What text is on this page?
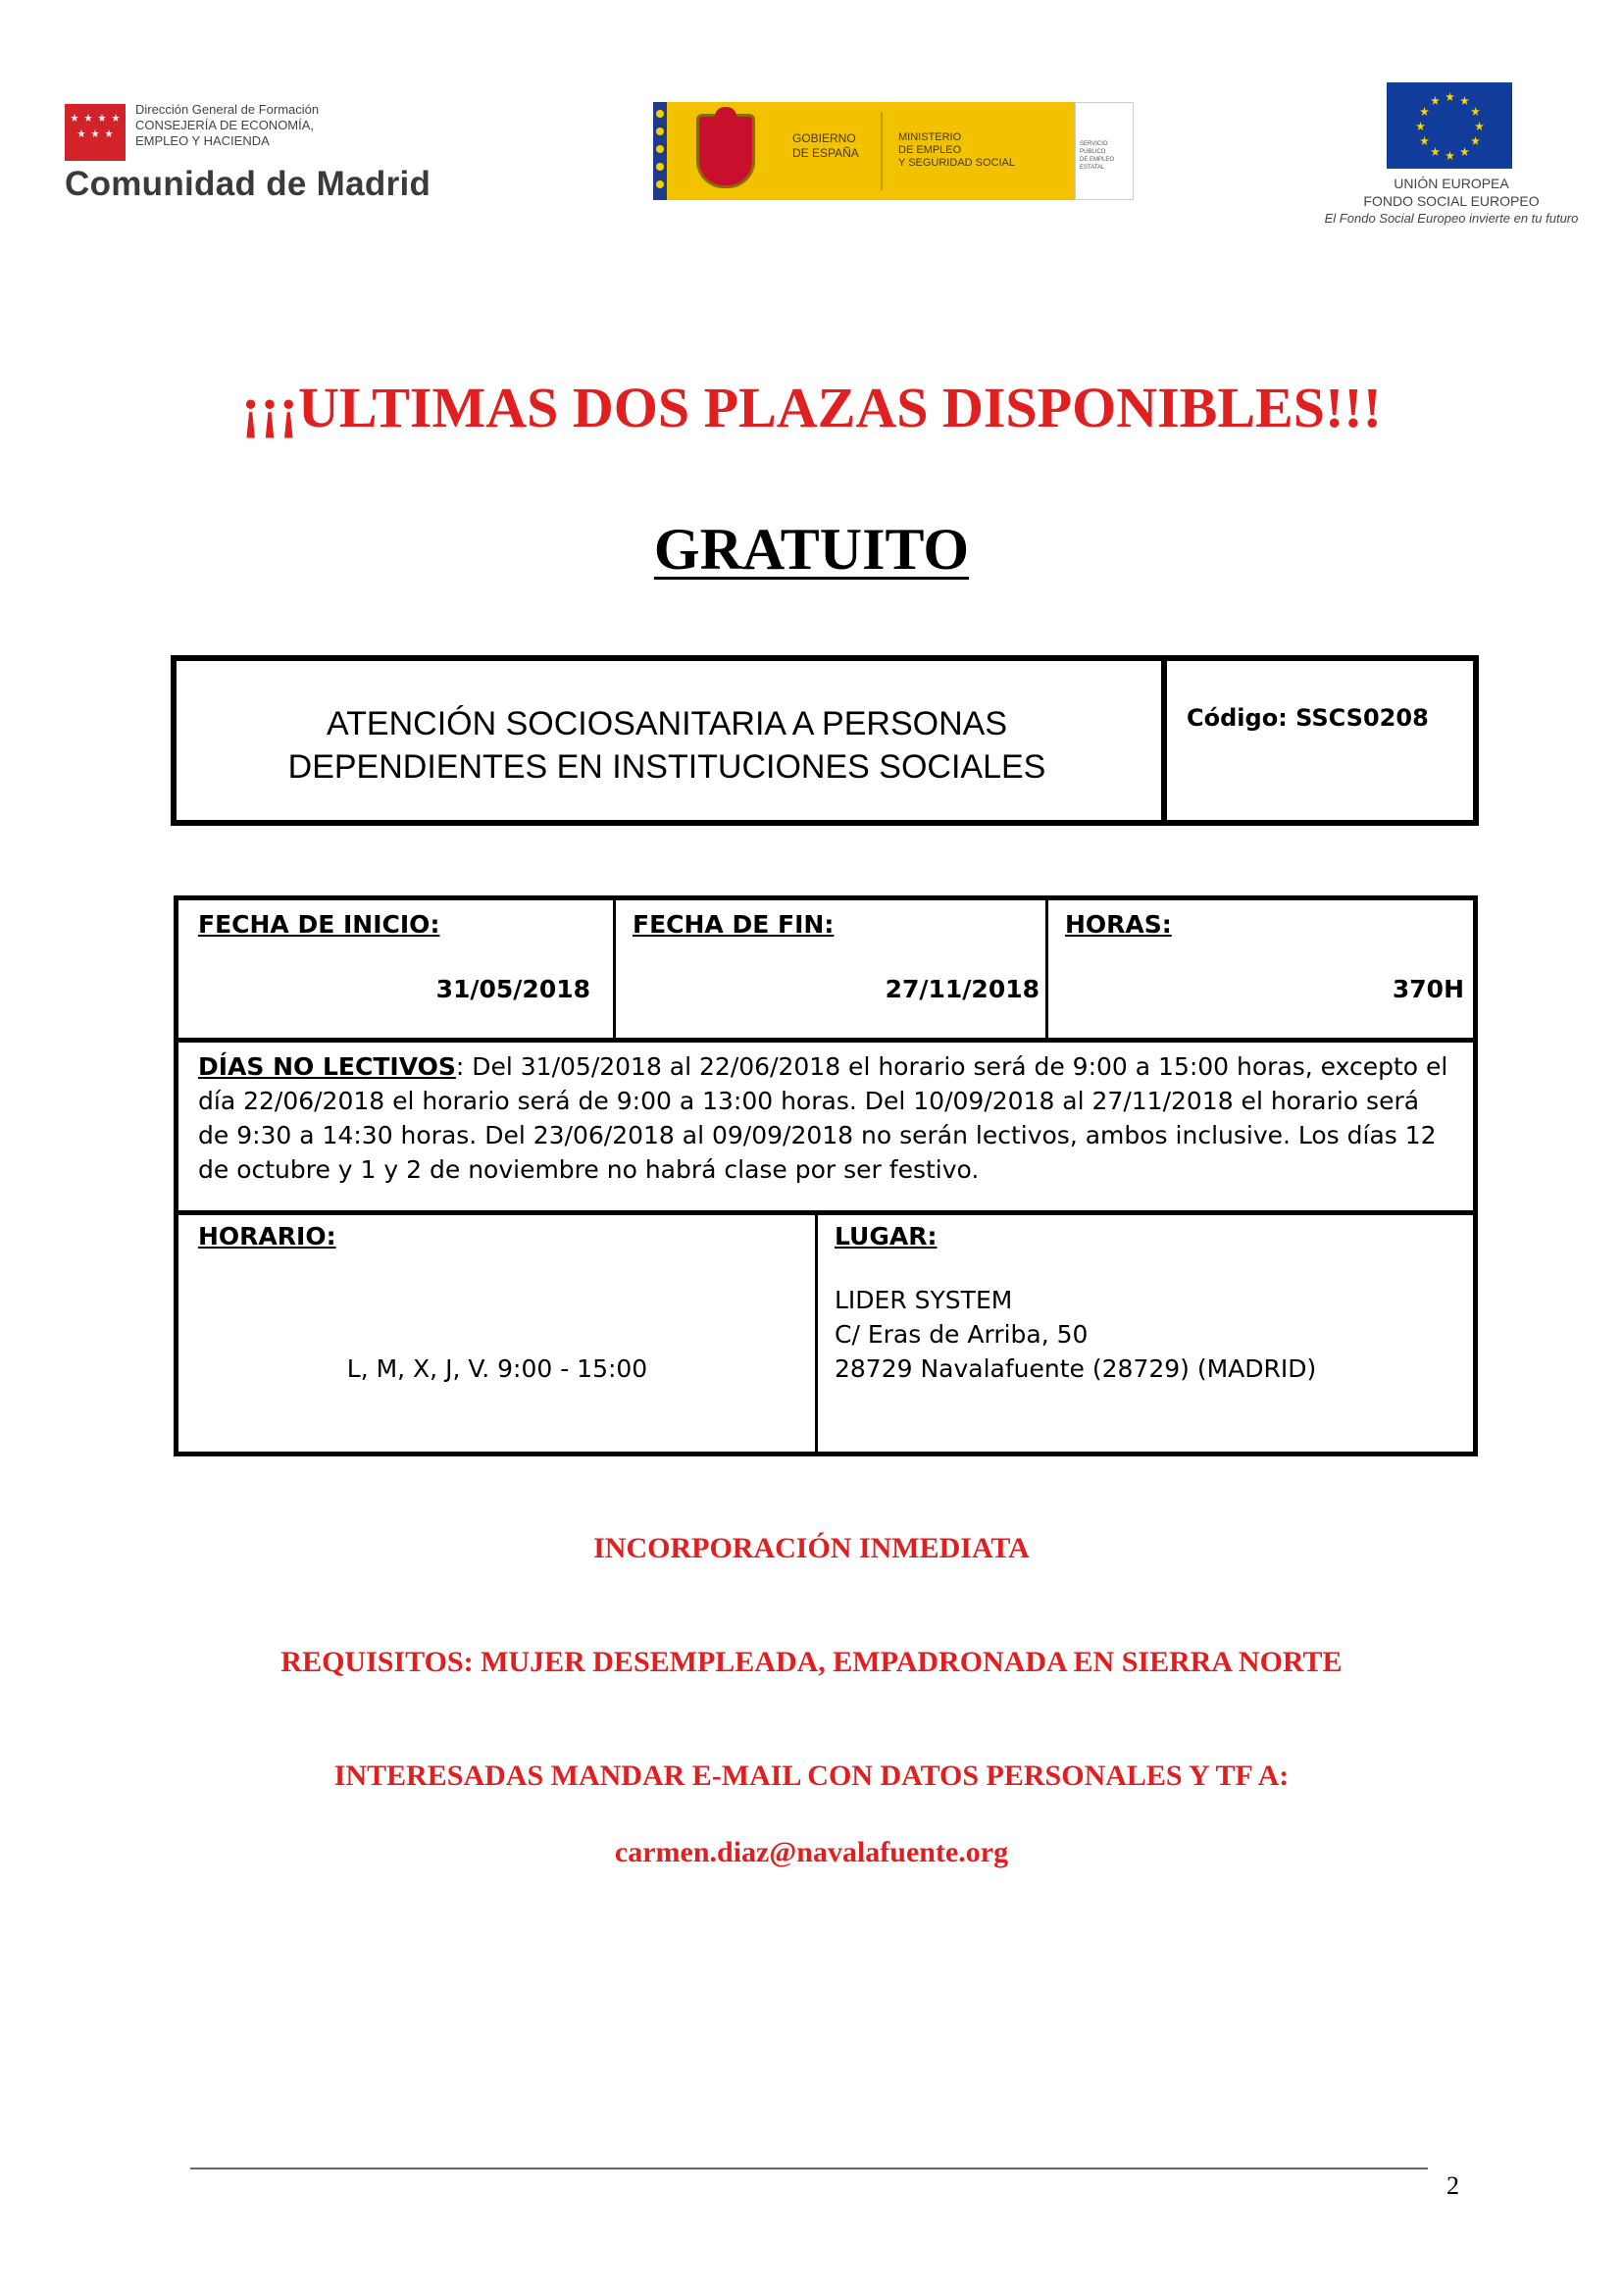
Dirección General de Formación
CONSEJERÍA DE ECONOMÍA,
EMPLEO Y HACIENDA
Comunidad de Madrid
GOBIERNO
DE ESPAÑA
MINISTERIO
DE EMPLEO
Y SEGURIDAD SOCIAL
SERVICIO PÚBLICO
DE EMPLEO ESTATAL
UNIÓN EUROPEA
FONDO SOCIAL EUROPEO
El Fondo Social Europeo invierte en tu futuro
¡¡¡ULTIMAS DOS PLAZAS DISPONIBLES!!!
GRATUITO
ATENCIÓN SOCIOSANITARIA A PERSONAS
DEPENDIENTES EN INSTITUCIONES SOCIALES
Código: SSCS0208
FECHA DE INICIO:
31/05/2018
FECHA DE FIN:
27/11/2018
HORAS:
370H
DÍAS NO LECTIVOS: Del 31/05/2018 al 22/06/2018 el horario será de 9:00 a 15:00 horas, excepto el día 22/06/2018 el horario será de 9:00 a 13:00 horas. Del 10/09/2018 al 27/11/2018 el horario será de 9:30 a 14:30 horas. Del 23/06/2018 al 09/09/2018 no serán lectivos, ambos inclusive. Los días 12 de octubre y 1 y 2 de noviembre no habrá clase por ser festivo.
HORARIO:
L, M, X, J, V. 9:00 - 15:00
LUGAR:
LIDER SYSTEM
C/ Eras de Arriba, 50
28729 Navalafuente (28729) (MADRID)
INCORPORACIÓN INMEDIATA
REQUISITOS: MUJER DESEMPLEADA, EMPADRONADA EN SIERRA NORTE
INTERESADAS MANDAR E-MAIL CON DATOS PERSONALES Y TF A:
carmen.diaz@navalafuente.org
2
